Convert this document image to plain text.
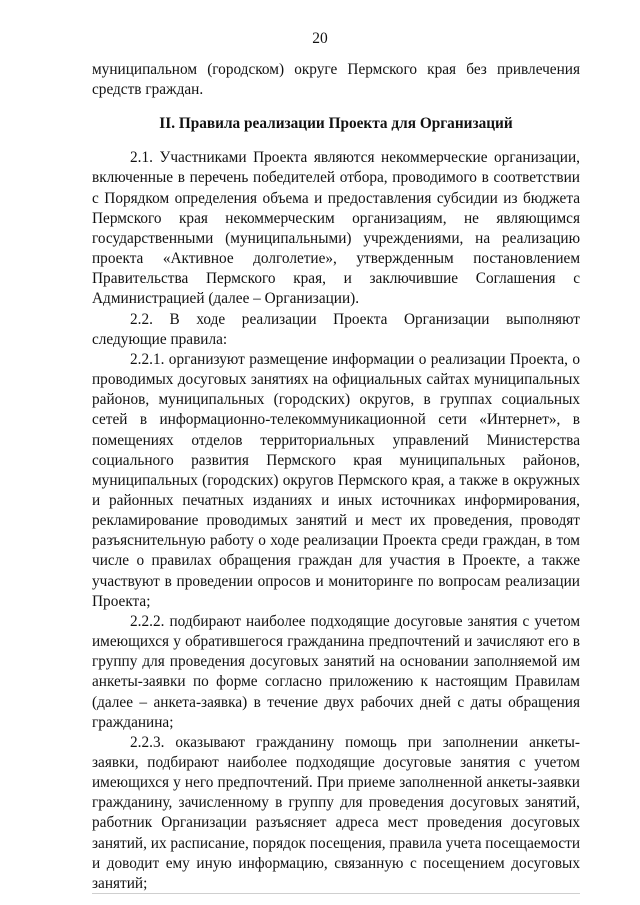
20

муниципальном (городском) округе Пермского края без привлечения средств граждан.

II. Правила реализации Проекта для Организаций

2.1. Участниками Проекта являются некоммерческие организации, включенные в перечень победителей отбора, проводимого в соответствии с Порядком определения объема и предоставления субсидии из бюджета Пермского края некоммерческим организациям, не являющимся государственными (муниципальными) учреждениями, на реализацию проекта «Активное долголетие», утвержденным постановлением Правительства Пермского края, и заключившие Соглашения с Администрацией (далее – Организации).

2.2. В ходе реализации Проекта Организации выполняют следующие правила:

2.2.1. организуют размещение информации о реализации Проекта, о проводимых досуговых занятиях на официальных сайтах муниципальных районов, муниципальных (городских) округов, в группах социальных сетей в информационно-телекоммуникационной сети «Интернет», в помещениях отделов территориальных управлений Министерства социального развития Пермского края муниципальных районов, муниципальных (городских) округов Пермского края, а также в окружных и районных печатных изданиях и иных источниках информирования, рекламирование проводимых занятий и мест их проведения, проводят разъяснительную работу о ходе реализации Проекта среди граждан, в том числе о правилах обращения граждан для участия в Проекте, а также участвуют в проведении опросов и мониторинге по вопросам реализации Проекта;

2.2.2. подбирают наиболее подходящие досуговые занятия с учетом имеющихся у обратившегося гражданина предпочтений и зачисляют его в группу для проведения досуговых занятий на основании заполняемой им анкеты-заявки по форме согласно приложению к настоящим Правилам (далее – анкета-заявка) в течение двух рабочих дней с даты обращения гражданина;

2.2.3. оказывают гражданину помощь при заполнении анкеты-заявки, подбирают наиболее подходящие досуговые занятия с учетом имеющихся у него предпочтений. При приеме заполненной анкеты-заявки гражданину, зачисленному в группу для проведения досуговых занятий, работник Организации разъясняет адреса мест проведения досуговых занятий, их расписание, порядок посещения, правила учета посещаемости и доводит ему иную информацию, связанную с посещением досуговых занятий;
